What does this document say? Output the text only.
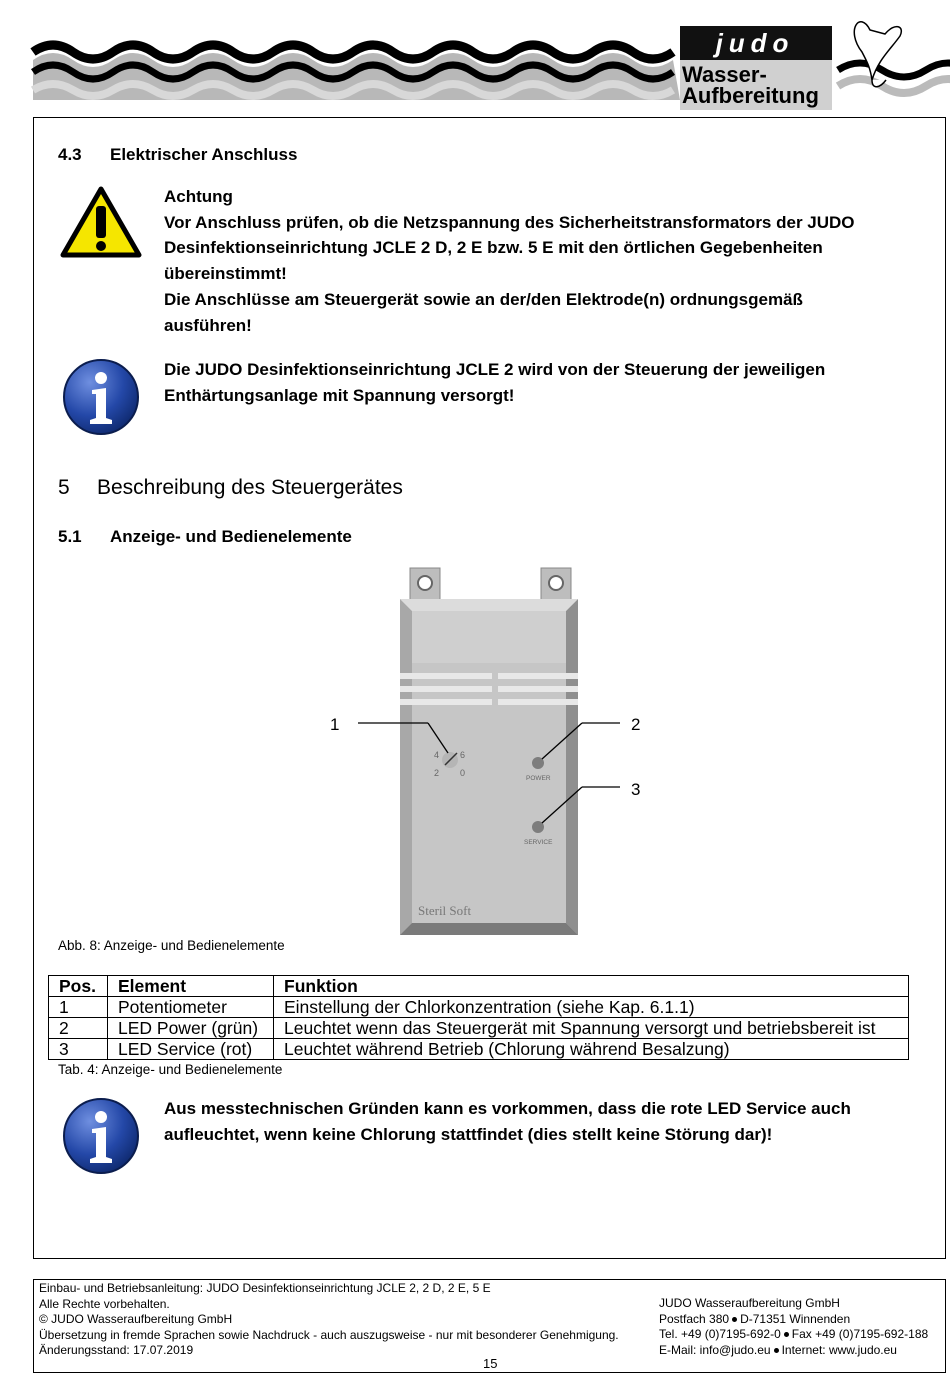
judo
Wasser-
Aufbereitung
4.3 Elektrischer Anschluss
Achtung
Vor Anschluss prüfen, ob die Netzspannung des Sicherheitstransformators der JUDO
Desinfektionseinrichtung JCLE 2 D, 2 E bzw. 5 E mit den örtlichen Gegebenheiten
übereinstimmt!
Die Anschlüsse am Steuergerät sowie an der/den Elektrode(n) ordnungsgemäß
ausführen!
Die JUDO Desinfektionseinrichtung JCLE 2 wird von der Steuerung der jeweiligen
Enthärtungsanlage mit Spannung versorgt!
5 Beschreibung des Steuergerätes
5.1 Anzeige- und Bedienelemente
4 6
2 0
POWER
SERVICE
Steril Soft
1	2
3
Abb. 8: Anzeige- und Bedienelemente
Pos.	Element	Funktion
1	Potentiometer	Einstellung der Chlorkonzentration (siehe Kap. 6.1.1)
2	LED Power (grün)	Leuchtet wenn das Steuergerät mit Spannung versorgt und betriebsbereit ist
3	LED Service (rot)	Leuchtet während Betrieb (Chlorung während Besalzung)
Tab. 4: Anzeige- und Bedienelemente
Aus messtechnischen Gründen kann es vorkommen, dass die rote LED Service auch
aufleuchtet, wenn keine Chlorung stattfindet (dies stellt keine Störung dar)!
Einbau- und Betriebsanleitung: JUDO Desinfektionseinrichtung JCLE 2, 2 D, 2 E, 5 E
Alle Rechte vorbehalten.
© JUDO Wasseraufbereitung GmbH
Übersetzung in fremde Sprachen sowie Nachdruck - auch auszugsweise - nur mit besonderer Genehmigung.
Änderungsstand: 17.07.2019
JUDO Wasseraufbereitung GmbH
Postfach 380 D-71351 Winnenden
Tel. +49 (0)7195-692-0 Fax +49 (0)7195-692-188
E-Mail: info@judo.eu Internet: www.judo.eu
15
